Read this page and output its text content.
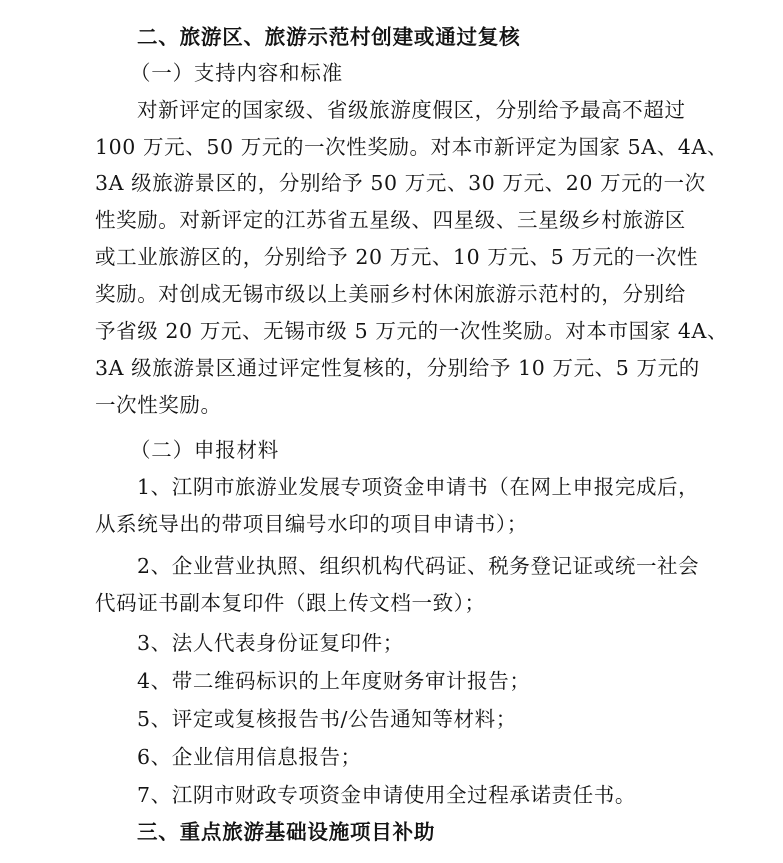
二、旅游区、旅游示范村创建或通过复核
（一）支持内容和标准
对新评定的国家级、省级旅游度假区，分别给予最高不超过
100 万元、50 万元的一次性奖励。对本市新评定为国家 5A、4A、
3A 级旅游景区的，分别给予 50 万元、30 万元、20 万元的一次
性奖励。对新评定的江苏省五星级、四星级、三星级乡村旅游区
或工业旅游区的，分别给予 20 万元、10 万元、5 万元的一次性
奖励。对创成无锡市级以上美丽乡村休闲旅游示范村的，分别给
予省级 20 万元、无锡市级 5 万元的一次性奖励。对本市国家 4A、
3A 级旅游景区通过评定性复核的，分别给予 10 万元、5 万元的
一次性奖励。
（二）申报材料
1、江阴市旅游业发展专项资金申请书（在网上申报完成后，
从系统导出的带项目编号水印的项目申请书）；
2、企业营业执照、组织机构代码证、税务登记证或统一社会
代码证书副本复印件（跟上传文档一致）；
3、法人代表身份证复印件；
4、带二维码标识的上年度财务审计报告；
5、评定或复核报告书/公告通知等材料；
6、企业信用信息报告；
7、江阴市财政专项资金申请使用全过程承诺责任书。
三、重点旅游基础设施项目补助
